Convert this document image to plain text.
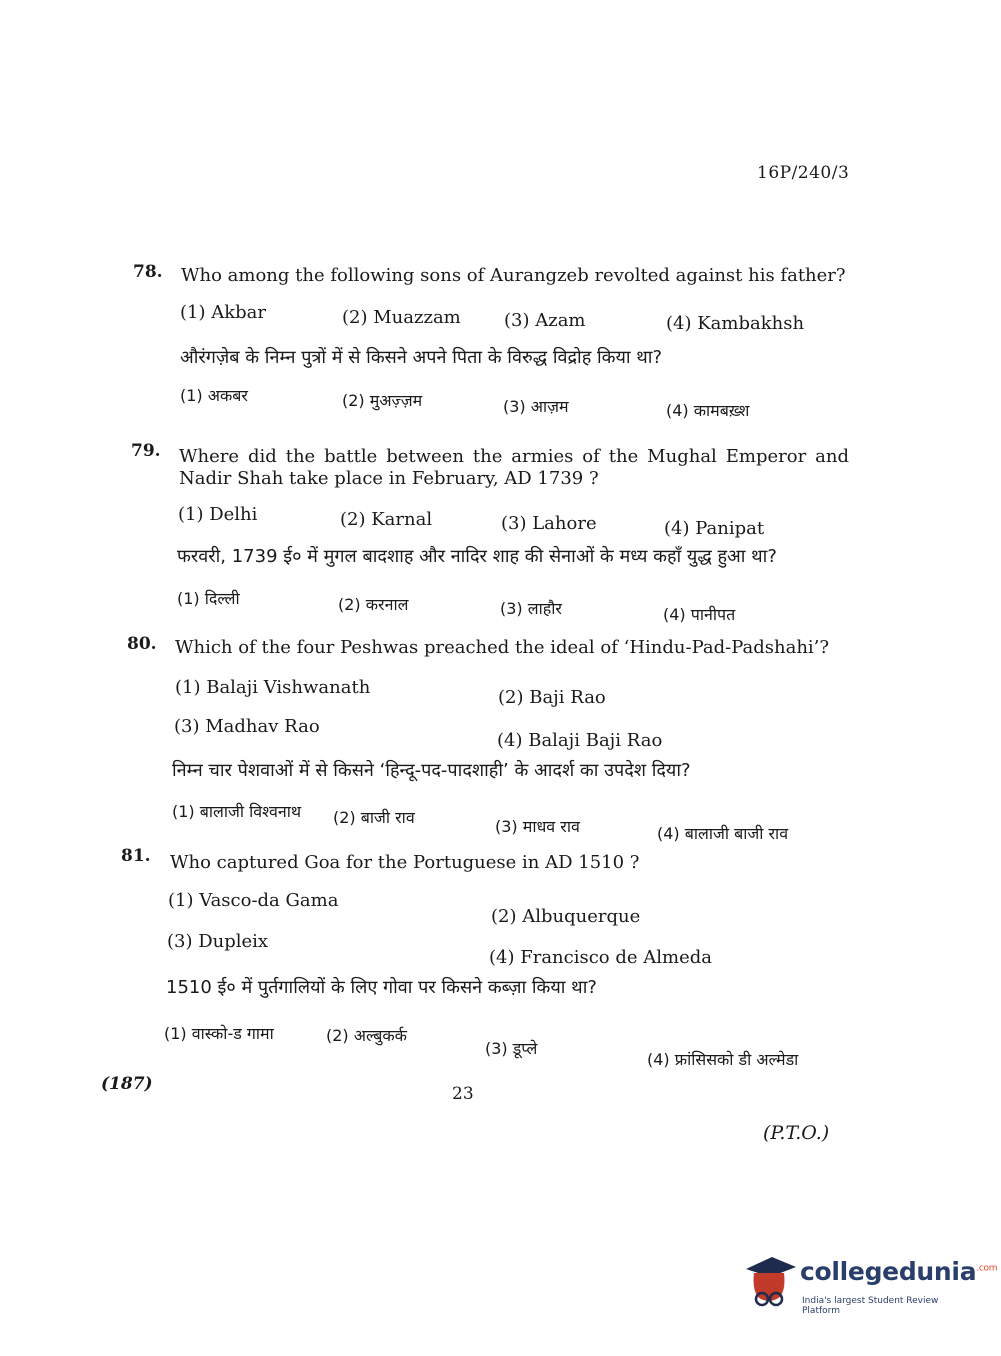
16P/240/3
78. Who among the following sons of Aurangzeb revolted against his father?
(1) Akbar	(2) Muazzam (3) Azam	(4) Kambakhsh
औरंगज़ेब के निम्न पुत्रों में से किसने अपने पिता के विरुद्ध विद्रोह किया था?
(1) अकबर	(2) मुअज़्ज़म	(3) आज़म	(4) कामबख़्श
79. Where did the battle between the armies of the Mughal Emperor and Nadir Shah take place in February, AD 1739 ?
(1) Delhi	(2) Karnal	(3) Lahore	(4) Panipat
फरवरी, 1739 ई० में मुगल बादशाह और नादिर शाह की सेनाओं के मध्य कहाँ युद्ध हुआ था?
(1) दिल्ली	(2) करनाल	(3) लाहौर	(4) पानीपत
80. Which of the four Peshwas preached the ideal of ‘Hindu-Pad-Padshahi’?
(1) Balaji Vishwanath	(2) Baji Rao
(3) Madhav Rao
(4) Balaji Baji Rao
निम्न चार पेशवाओं में से किसने ‘हिन्दू-पद-पादशाही’ के आदर्श का उपदेश दिया?
(1) बालाजी विश्वनाथ (2) बाजी राव	(3) माधव राव	(4) बालाजी बाजी राव
81. Who captured Goa for the Portuguese in AD 1510 ?
(1) Vasco-da Gama
(2) Albuquerque
(3) Dupleix
(4) Francisco de Almeda
1510 ई० में पुर्तगालियों के लिए गोवा पर किसने कब्ज़ा किया था?
(1) वास्को-ड गामा	(2) अल्बुकर्क
(3) डूप्ले
(4) फ्रांसिसको डी अल्मेडा
(187)	23
(P.T.O.)
collegedunia$^{.com}$
India's largest Student Review Platform
